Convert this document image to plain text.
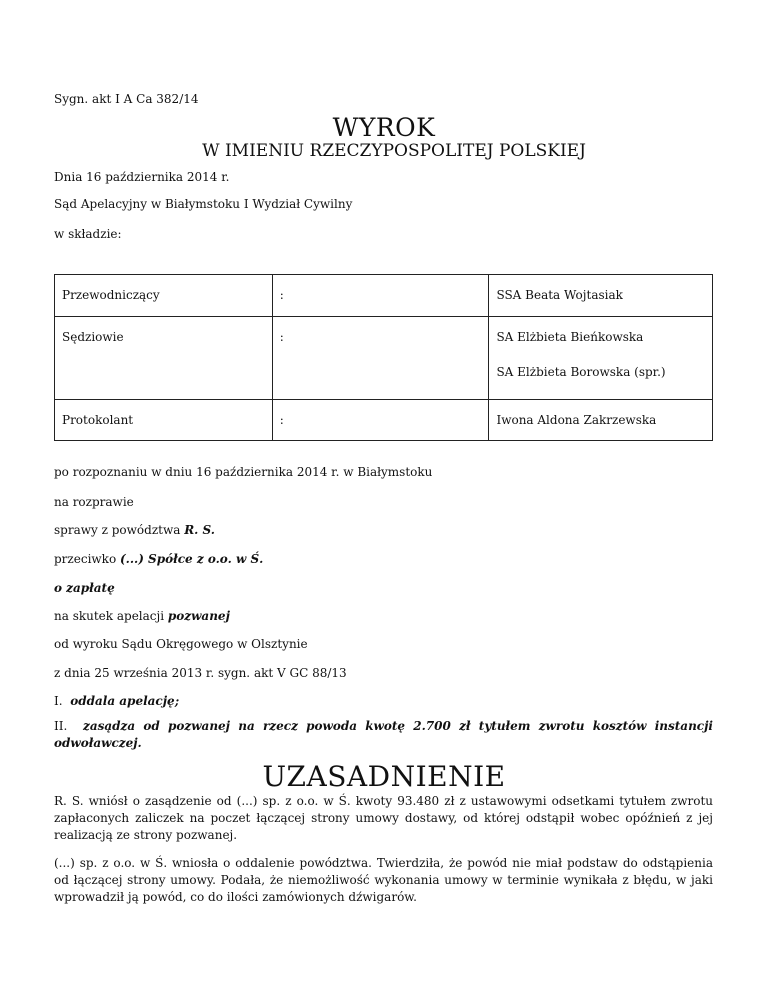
Sygn. akt I A Ca 382/14

WYROK
W IMIENIU RZECZYPOSPOLITEJ POLSKIEJ

Dnia 16 października 2014 r.

Sąd Apelacyjny w Białymstoku I Wydział Cywilny

w składzie:

Przewodniczący	:	SSA Beata Wojtasiak

Sędziowie	:	SA Elżbieta Bieńkowska
SA Elżbieta Borowska (spr.)

Protokolant	:	Iwona Aldona Zakrzewska

po rozpoznaniu w dniu 16 października 2014 r. w Białymstoku

na rozprawie

sprawy z powództwa R. S.

przeciwko (...) Spółce z o.o. w Ś.

o zapłatę

na skutek apelacji pozwanej

od wyroku Sądu Okręgowego w Olsztynie

z dnia 25 września 2013 r. sygn. akt V GC 88/13

I. oddala apelację;

II. zasądza od pozwanej na rzecz powoda kwotę 2.700 zł tytułem zwrotu kosztów instancji odwoławczej.

UZASADNIENIE

R. S. wniósł o zasądzenie od (...) sp. z o.o. w Ś. kwoty 93.480 zł z ustawowymi odsetkami tytułem zwrotu zapłaconych zaliczek na poczet łączącej strony umowy dostawy, od której odstąpił wobec opóźnień z jej realizacją ze strony pozwanej.

(...) sp. z o.o. w Ś. wniosła o oddalenie powództwa. Twierdziła, że powód nie miał podstaw do odstąpienia od łączącej strony umowy. Podała, że niemożliwość wykonania umowy w terminie wynikała z błędu, w jaki wprowadził ją powód, co do ilości zamówionych dźwigarów.
